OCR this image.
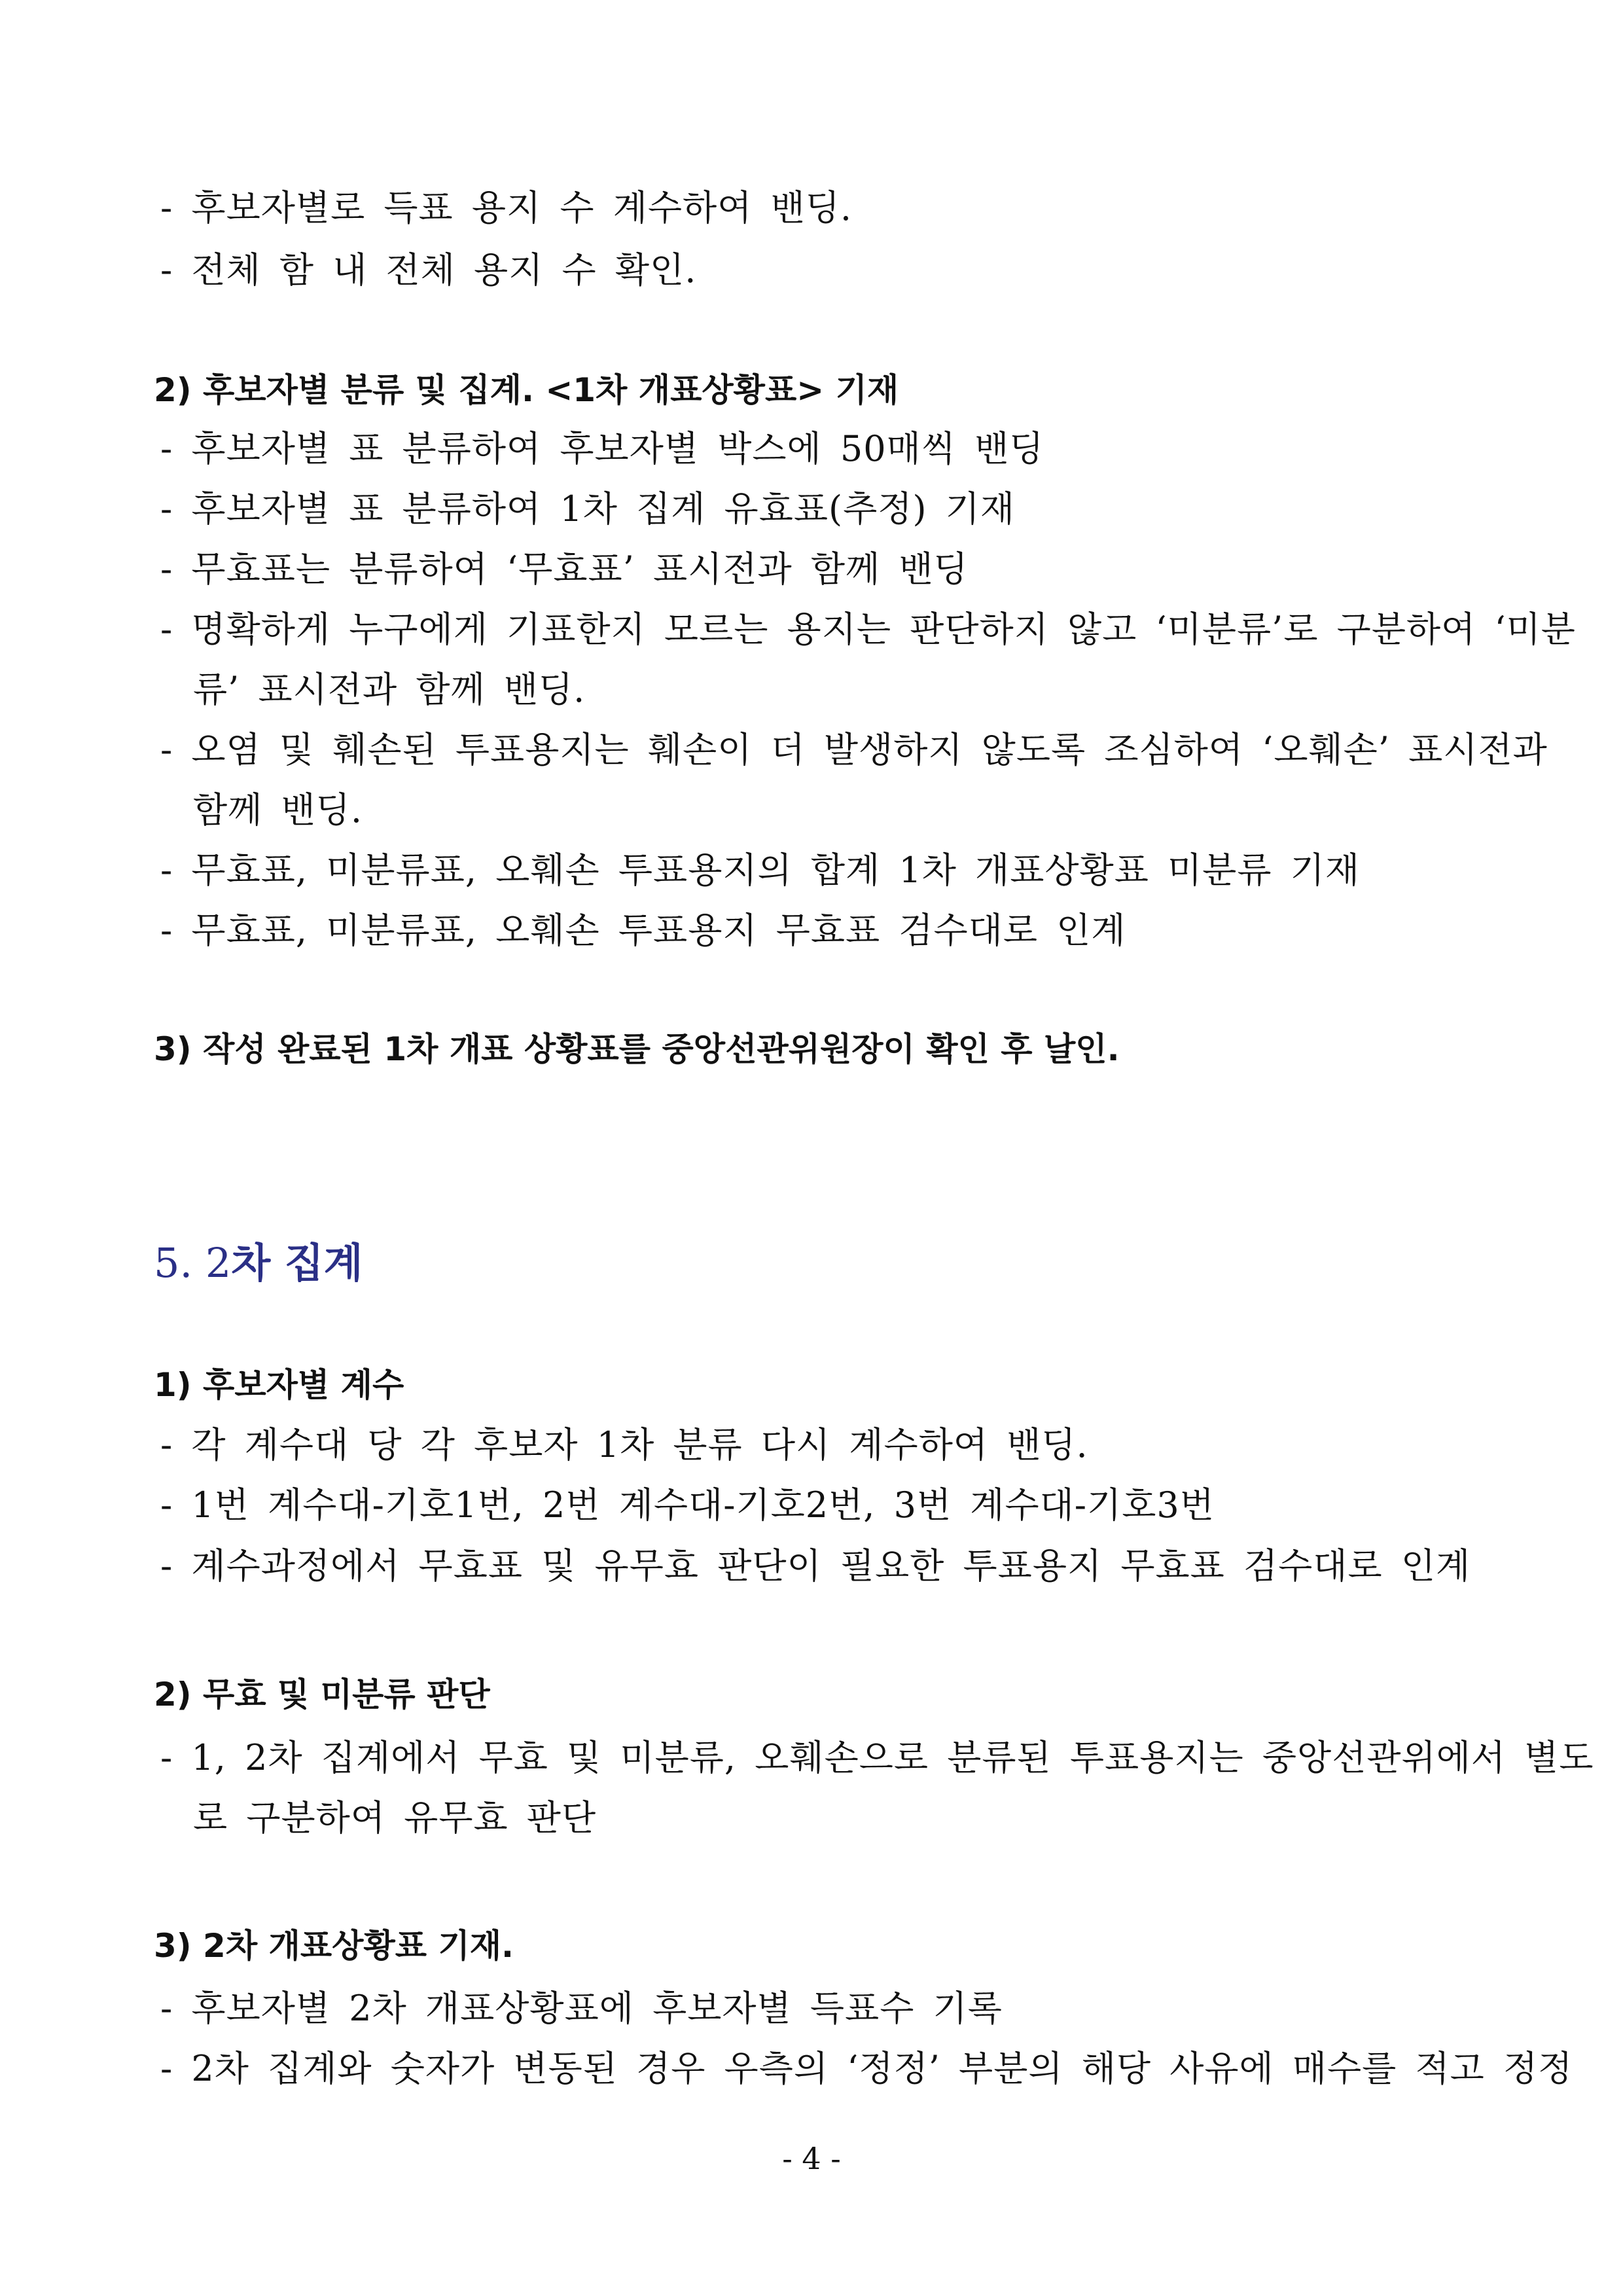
- 후보자별로 득표 용지 수 계수하여 밴딩.
- 전체 함 내 전체 용지 수 확인.
2) 후보자별 분류 및 집계. <1차 개표상황표> 기재
- 후보자별 표 분류하여 후보자별 박스에 50매씩 밴딩
- 후보자별 표 분류하여 1차 집계 유효표(추정) 기재
- 무효표는 분류하여 ‘무효표’ 표시전과 함께 밴딩
- 명확하게 누구에게 기표한지 모르는 용지는 판단하지 않고 ‘미분류’로 구분하여 ‘미분
류’ 표시전과 함께 밴딩.
- 오염 및 훼손된 투표용지는 훼손이 더 발생하지 않도록 조심하여 ‘오훼손’ 표시전과
함께 밴딩.
- 무효표, 미분류표, 오훼손 투표용지의 합계 1차 개표상황표 미분류 기재
- 무효표, 미분류표, 오훼손 투표용지 무효표 검수대로 인계
3) 작성 완료된 1차 개표 상황표를 중앙선관위원장이 확인 후 날인.
5. 2차 집계
1) 후보자별 계수
- 각 계수대 당 각 후보자 1차 분류 다시 계수하여 밴딩.
- 1번 계수대-기호1번, 2번 계수대-기호2번, 3번 계수대-기호3번
- 계수과정에서 무효표 및 유무효 판단이 필요한 투표용지 무효표 검수대로 인계
2) 무효 및 미분류 판단
- 1, 2차 집계에서 무효 및 미분류, 오훼손으로 분류된 투표용지는 중앙선관위에서 별도
로 구분하여 유무효 판단
3) 2차 개표상황표 기재.
- 후보자별 2차 개표상황표에 후보자별 득표수 기록
- 2차 집계와 숫자가 변동된 경우 우측의 ‘정정’ 부분의 해당 사유에 매수를 적고 정정
- 4 -
